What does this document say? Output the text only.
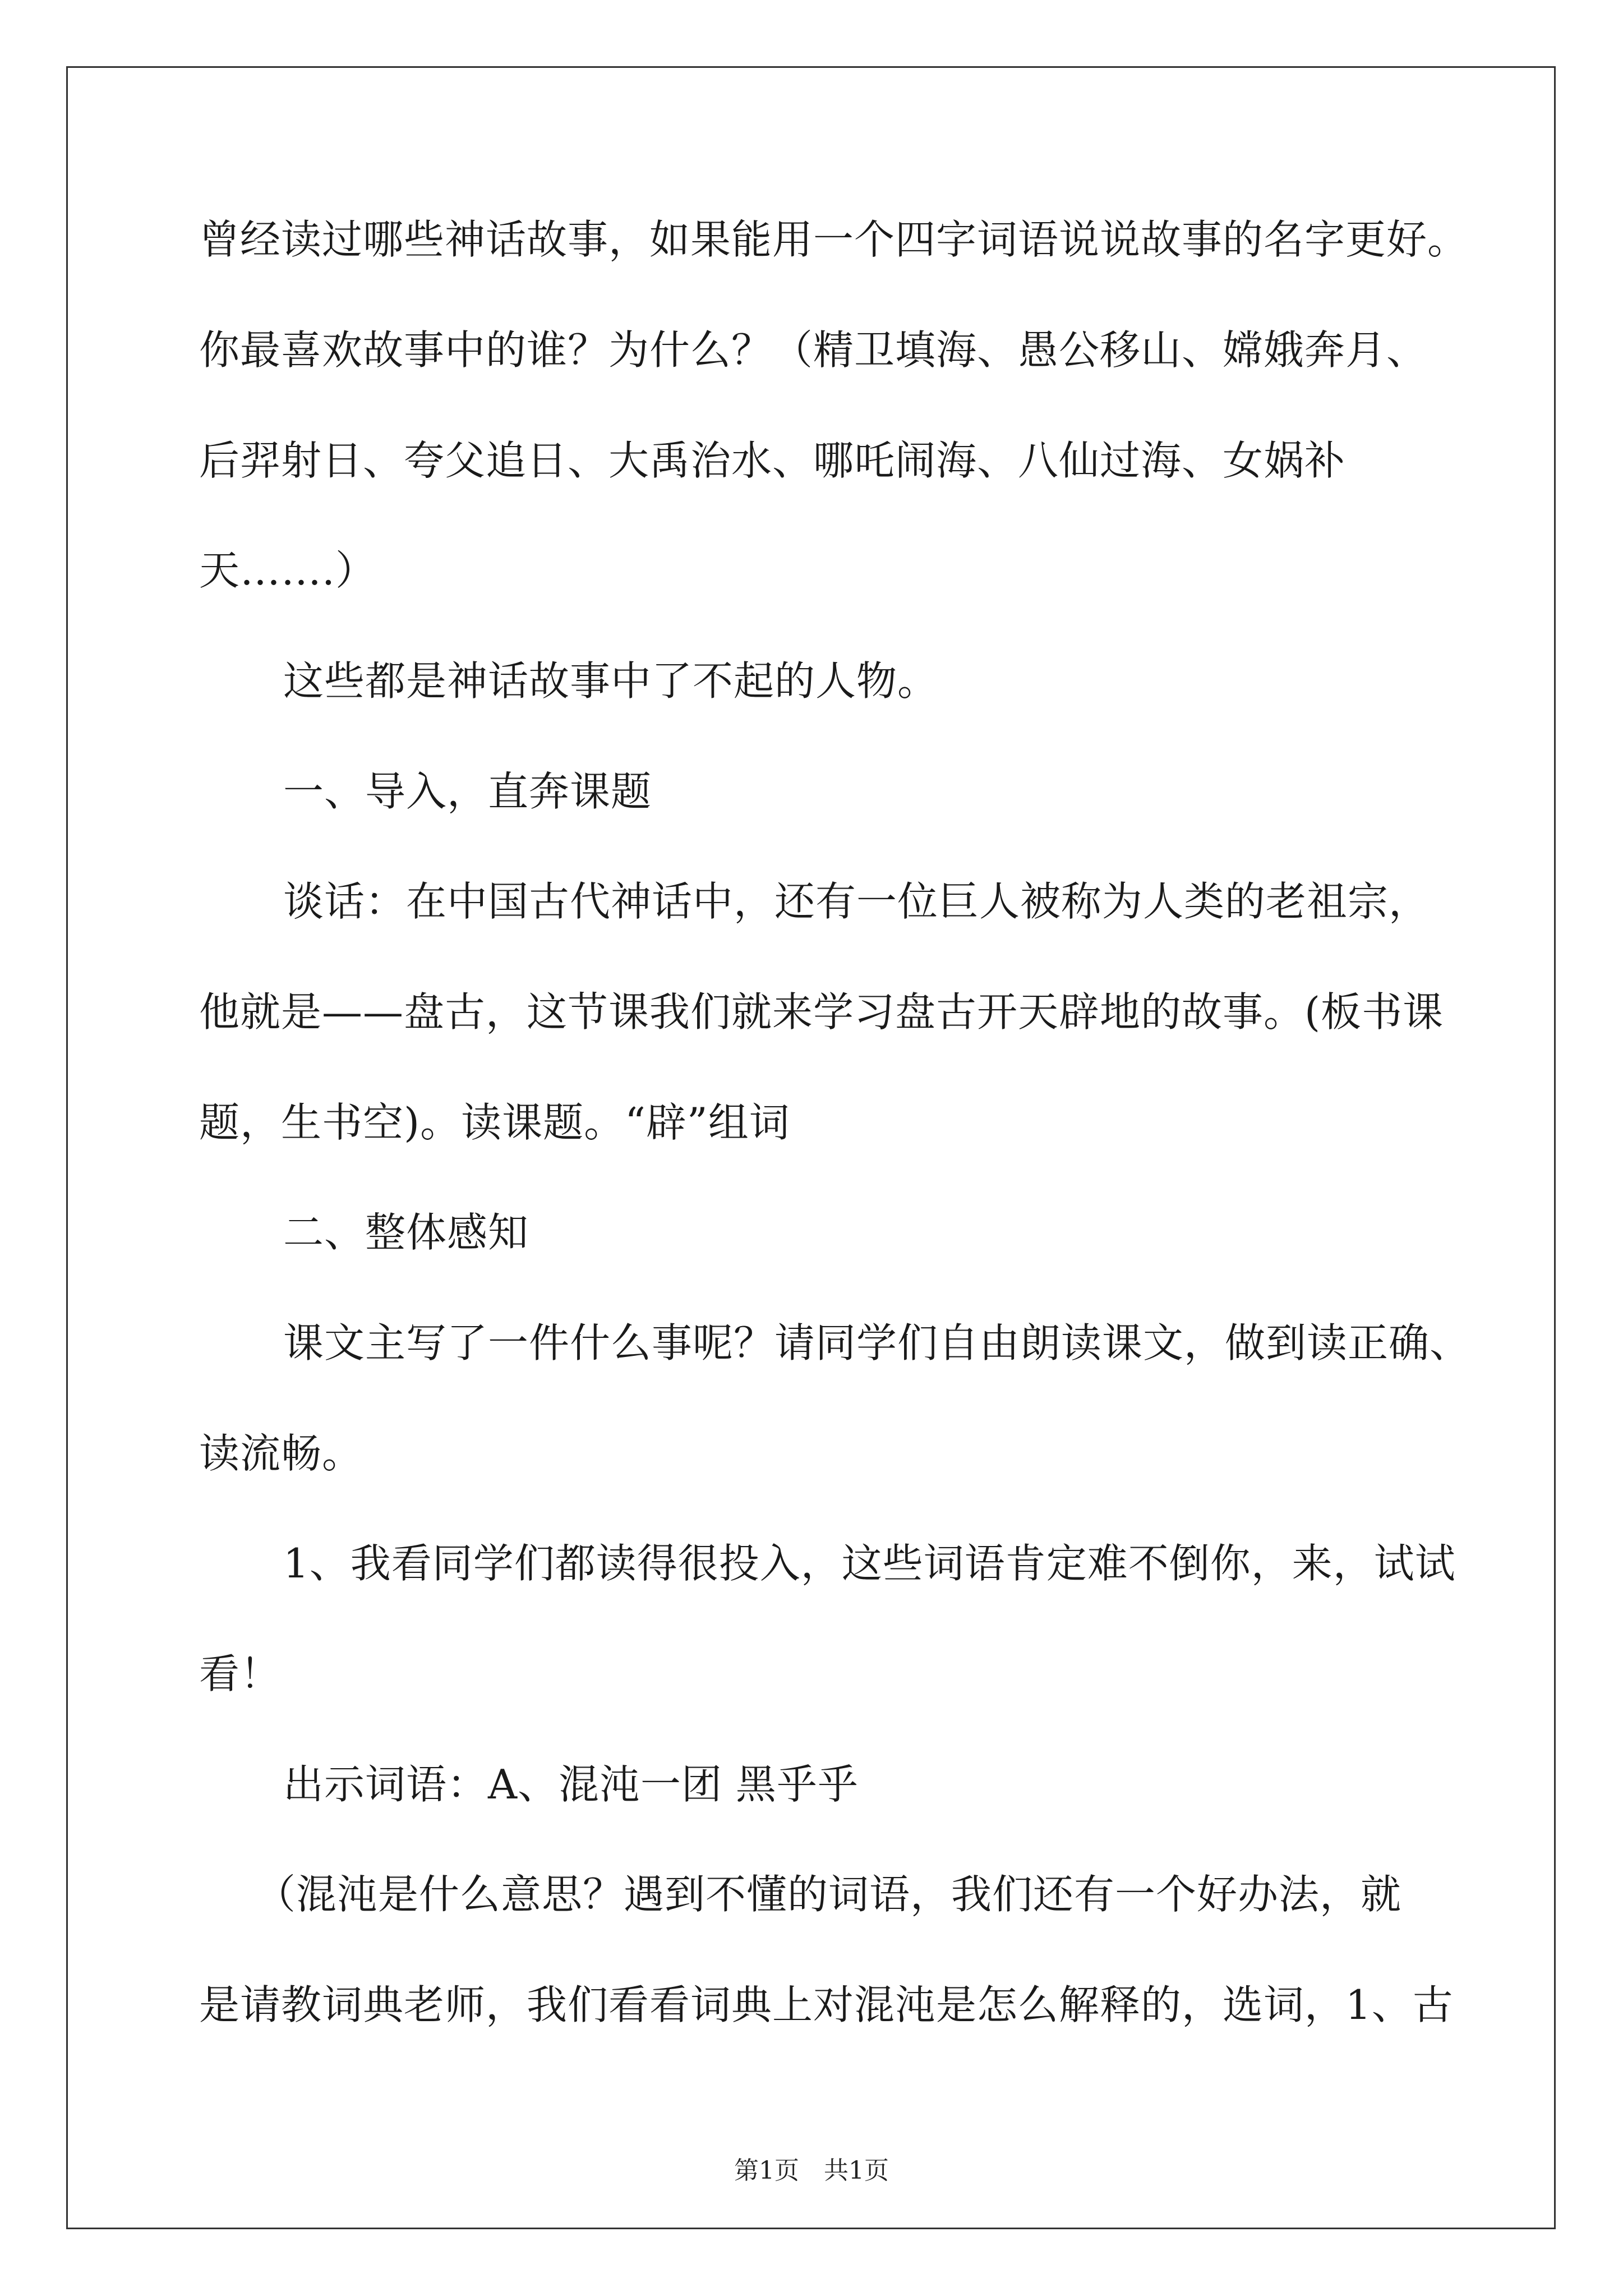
曾经读过哪些神话故事，如果能用一个四字词语说说故事的名字更好。
你最喜欢故事中的谁？为什么？（精卫填海、愚公移山、嫦娥奔月、
后羿射日、夸父追日、大禹治水、哪吒闹海、八仙过海、女娲补
天…….）
这些都是神话故事中了不起的人物。
一、导入，直奔课题
谈话：在中国古代神话中，还有一位巨人被称为人类的老祖宗，
他就是——盘古，这节课我们就来学习盘古开天辟地的故事。(板书课
题，生书空)。读课题。“辟”组词
二、整体感知
课文主写了一件什么事呢？请同学们自由朗读课文，做到读正确、
读流畅。
1、我看同学们都读得很投入，这些词语肯定难不倒你，来，试试
看！
出示词语：A、混沌一团 黑乎乎
（混沌是什么意思？遇到不懂的词语，我们还有一个好办法，就
是请教词典老师，我们看看词典上对混沌是怎么解释的，选词，1、古
第1页　共1页
